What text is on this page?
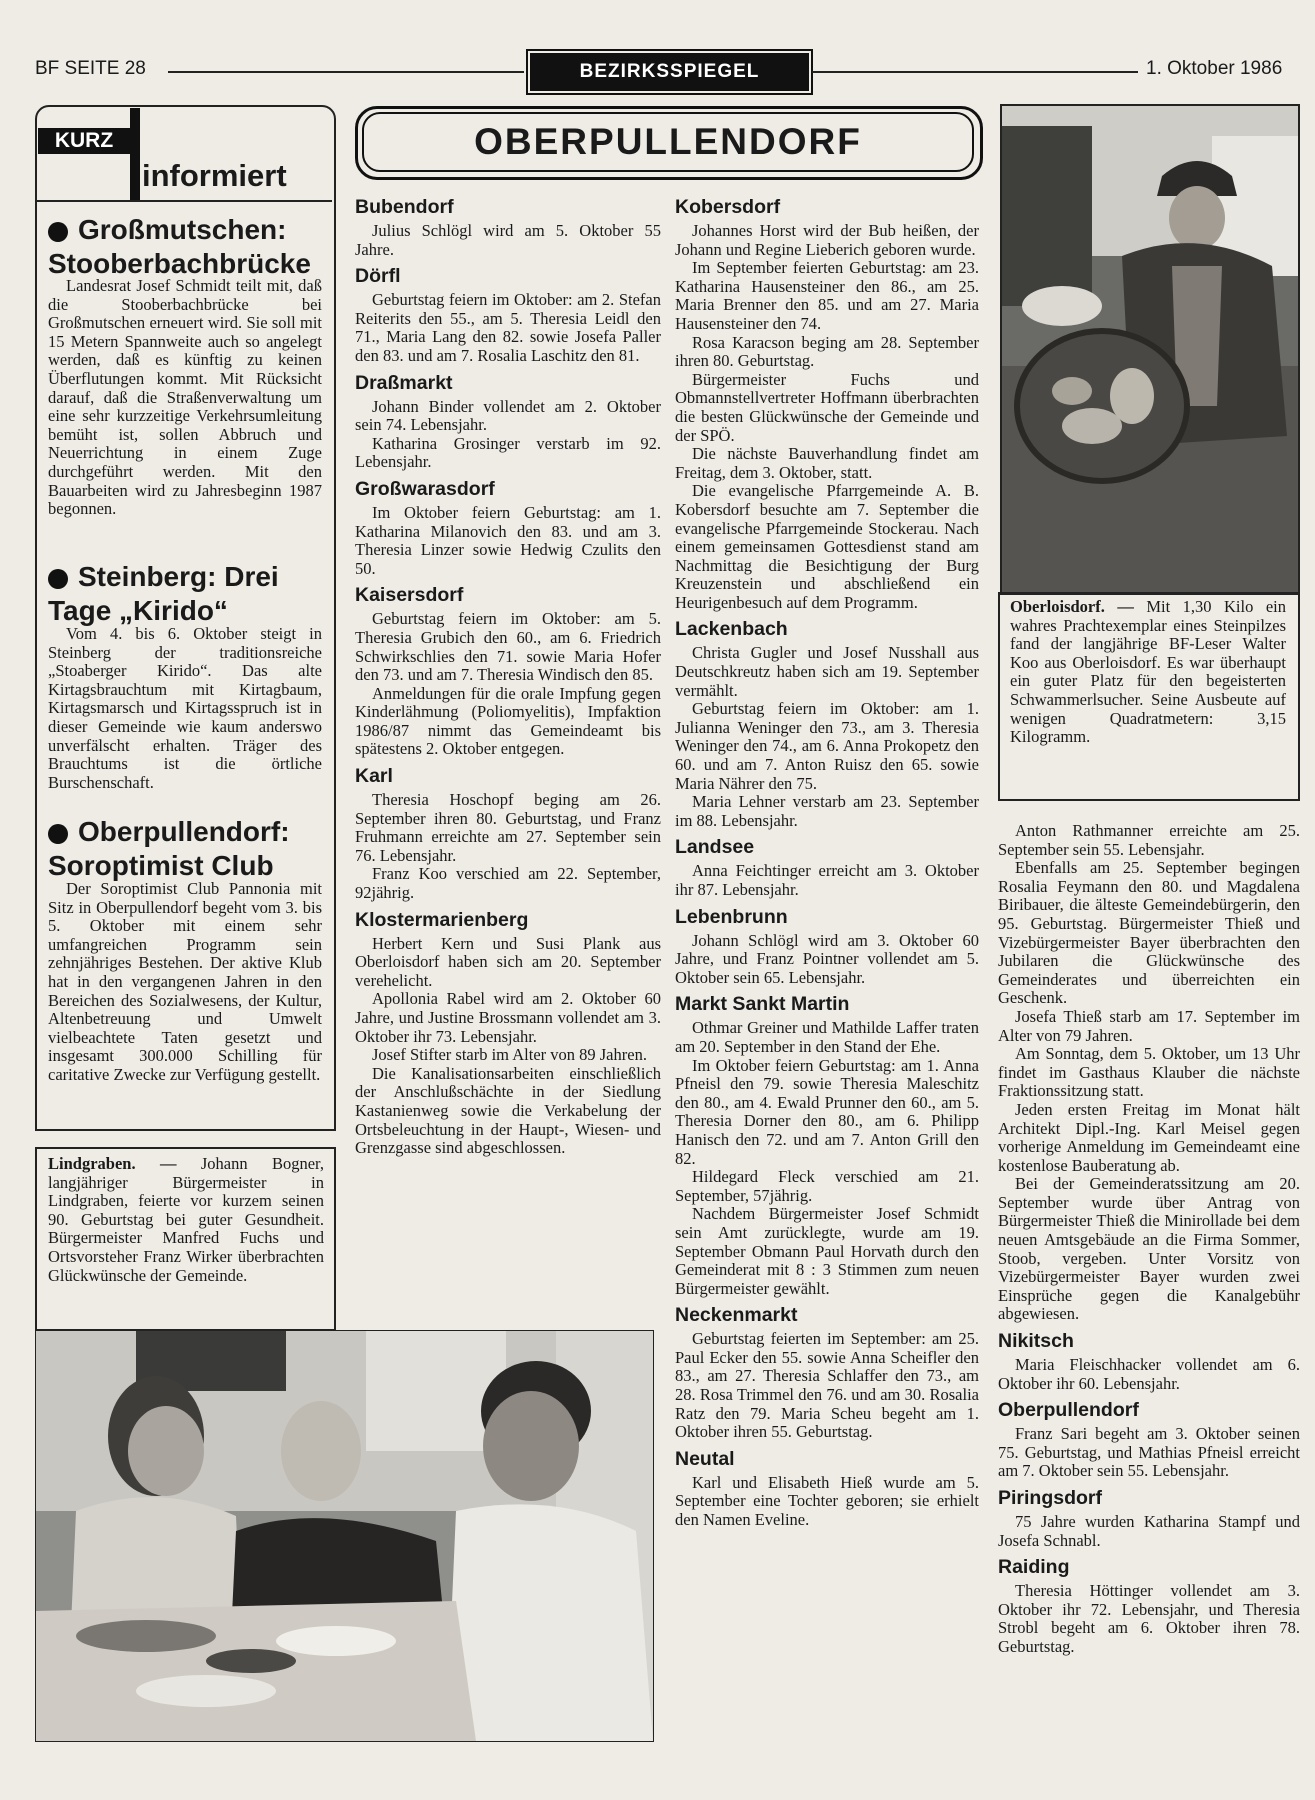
BF SEITE 28	BEZIRKSSPIEGEL	1. Oktober 1986
KURZ
informiert
Großmutschen: Stooberbachbrücke

Landesrat Josef Schmidt teilt mit, daß die Stooberbachbrücke bei Großmutschen erneuert wird. Sie soll mit 15 Metern Spannweite auch so angelegt werden, daß es künftig zu keinen Überflutungen kommt. Mit Rücksicht darauf, daß die Straßenverwaltung um eine sehr kurzzeitige Verkehrsumleitung bemüht ist, sollen Abbruch und Neuerrichtung in einem Zuge durchgeführt werden. Mit den Bauarbeiten wird zu Jahresbeginn 1987 begonnen.

Steinberg: Drei Tage „Kirido“

Vom 4. bis 6. Oktober steigt in Steinberg der traditionsreiche „Stoaberger Kirido“. Das alte Kirtagsbrauchtum mit Kirtagbaum, Kirtagsmarsch und Kirtagsspruch ist in dieser Gemeinde wie kaum anderswo unverfälscht erhalten. Träger des Brauchtums ist die örtliche Burschenschaft.

Oberpullendorf: Soroptimist Club

Der Soroptimist Club Pannonia mit Sitz in Oberpullendorf begeht vom 3. bis 5. Oktober mit einem sehr umfangreichen Programm sein zehnjähriges Bestehen. Der aktive Klub hat in den vergangenen Jahren in den Bereichen des Sozialwesens, der Kultur, Altenbetreuung und Umwelt vielbeachtete Taten gesetzt und insgesamt 300.000 Schilling für caritative Zwecke zur Verfügung gestellt.

Lindgraben. — Johann Bogner, langjähriger Bürgermeister in Lindgraben, feierte vor kurzem seinen 90. Geburtstag bei guter Gesundheit. Bürgermeister Manfred Fuchs und Ortsvorsteher Franz Wirker überbrachten Glückwünsche der Gemeinde.

OBERPULLENDORF
Bubendorf

Julius Schlögl wird am 5. Oktober 55 Jahre.

Dörfl

Geburtstag feiern im Oktober: am 2. Stefan Reiterits den 55., am 5. Theresia Leidl den 71., Maria Lang den 82. sowie Josefa Paller den 83. und am 7. Rosalia Laschitz den 81.

Draßmarkt

Johann Binder vollendet am 2. Oktober sein 74. Lebensjahr.

Katharina Grosinger verstarb im 92. Lebensjahr.

Großwarasdorf

Im Oktober feiern Geburtstag: am 1. Katharina Milanovich den 83. und am 3. Theresia Linzer sowie Hedwig Czulits den 50.

Kaisersdorf

Geburtstag feiern im Oktober: am 5. Theresia Grubich den 60., am 6. Friedrich Schwirkschlies den 71. sowie Maria Hofer den 73. und am 7. Theresia Windisch den 85.

Anmeldungen für die orale Impfung gegen Kinderlähmung (Poliomyelitis), Impfaktion 1986/87 nimmt das Gemeindeamt bis spätestens 2. Oktober entgegen.

Karl

Theresia Hoschopf beging am 26. September ihren 80. Geburtstag, und Franz Fruhmann erreichte am 27. September sein 76. Lebensjahr.

Franz Koo verschied am 22. September, 92jährig.

Klostermarienberg

Herbert Kern und Susi Plank aus Oberloisdorf haben sich am 20. September verehelicht.

Apollonia Rabel wird am 2. Oktober 60 Jahre, und Justine Brossmann vollendet am 3. Oktober ihr 73. Lebensjahr.

Josef Stifter starb im Alter von 89 Jahren.

Die Kanalisationsarbeiten einschließlich der Anschlußschächte in der Siedlung Kastanienweg sowie die Verkabelung der Ortsbeleuchtung in der Haupt-, Wiesen- und Grenzgasse sind abgeschlossen.

Kobersdorf

Johannes Horst wird der Bub heißen, der Johann und Regine Lieberich geboren wurde.

Im September feierten Geburtstag: am 23. Katharina Hausensteiner den 86., am 25. Maria Brenner den 85. und am 27. Maria Hausensteiner den 74.

Rosa Karacson beging am 28. September ihren 80. Geburtstag.

Bürgermeister Fuchs und Obmannstellvertreter Hoffmann überbrachten die besten Glückwünsche der Gemeinde und der SPÖ.

Die nächste Bauverhandlung findet am Freitag, dem 3. Oktober, statt.

Die evangelische Pfarrgemeinde A. B. Kobersdorf besuchte am 7. September die evangelische Pfarrgemeinde Stockerau. Nach einem gemeinsamen Gottesdienst stand am Nachmittag die Besichtigung der Burg Kreuzenstein und abschließend ein Heurigenbesuch auf dem Programm.

Lackenbach

Christa Gugler und Josef Nusshall aus Deutschkreutz haben sich am 19. September vermählt.

Geburtstag feiern im Oktober: am 1. Julianna Weninger den 73., am 3. Theresia Weninger den 74., am 6. Anna Prokopetz den 60. und am 7. Anton Ruisz den 65. sowie Maria Nährer den 75.

Maria Lehner verstarb am 23. September im 88. Lebensjahr.

Landsee

Anna Feichtinger erreicht am 3. Oktober ihr 87. Lebensjahr.

Lebenbrunn

Johann Schlögl wird am 3. Oktober 60 Jahre, und Franz Pointner vollendet am 5. Oktober sein 65. Lebensjahr.

Markt Sankt Martin

Othmar Greiner und Mathilde Laffer traten am 20. September in den Stand der Ehe.

Im Oktober feiern Geburtstag: am 1. Anna Pfneisl den 79. sowie Theresia Maleschitz den 80., am 4. Ewald Prunner den 60., am 5. Theresia Dorner den 80., am 6. Philipp Hanisch den 72. und am 7. Anton Grill den 82.

Hildegard Fleck verschied am 21. September, 57jährig.

Nachdem Bürgermeister Josef Schmidt sein Amt zurücklegte, wurde am 19. September Obmann Paul Horvath durch den Gemeinderat mit 8 : 3 Stimmen zum neuen Bürgermeister gewählt.

Neckenmarkt

Geburtstag feierten im September: am 25. Paul Ecker den 55. sowie Anna Scheifler den 83., am 27. Theresia Schlaffer den 73., am 28. Rosa Trimmel den 76. und am 30. Rosalia Ratz den 79. Maria Scheu begeht am 1. Oktober ihren 55. Geburtstag.

Neutal

Karl und Elisabeth Hieß wurde am 5. September eine Tochter geboren; sie erhielt den Namen Eveline.

Oberloisdorf. — Mit 1,30 Kilo ein wahres Prachtexemplar eines Steinpilzes fand der langjährige BF-Leser Walter Koo aus Oberloisdorf. Es war überhaupt ein guter Platz für den begeisterten Schwammerlsucher. Seine Ausbeute auf wenigen Quadratmetern: 3,15 Kilogramm.

Anton Rathmanner erreichte am 25. September sein 55. Lebensjahr.

Ebenfalls am 25. September begingen Rosalia Feymann den 80. und Magdalena Biribauer, die älteste Gemeindebürgerin, den 95. Geburtstag. Bürgermeister Thieß und Vizebürgermeister Bayer überbrachten den Jubilaren die Glückwünsche des Gemeinderates und überreichten ein Geschenk.

Josefa Thieß starb am 17. September im Alter von 79 Jahren.

Am Sonntag, dem 5. Oktober, um 13 Uhr findet im Gasthaus Klauber die nächste Fraktionssitzung statt.

Jeden ersten Freitag im Monat hält Architekt Dipl.-Ing. Karl Meisel gegen vorherige Anmeldung im Gemeindeamt eine kostenlose Bauberatung ab.

Bei der Gemeinderatssitzung am 20. September wurde über Antrag von Bürgermeister Thieß die Minirollade bei dem neuen Amtsgebäude an die Firma Sommer, Stoob, vergeben. Unter Vorsitz von Vizebürgermeister Bayer wurden zwei Einsprüche gegen die Kanalgebühr abgewiesen.

Nikitsch

Maria Fleischhacker vollendet am 6. Oktober ihr 60. Lebensjahr.

Oberpullendorf

Franz Sari begeht am 3. Oktober seinen 75. Geburtstag, und Mathias Pfneisl erreicht am 7. Oktober sein 55. Lebensjahr.

Piringsdorf

75 Jahre wurden Katharina Stampf und Josefa Schnabl.

Raiding

Theresia Höttinger vollendet am 3. Oktober ihr 72. Lebensjahr, und Theresia Strobl begeht am 6. Oktober ihren 78. Geburtstag.
